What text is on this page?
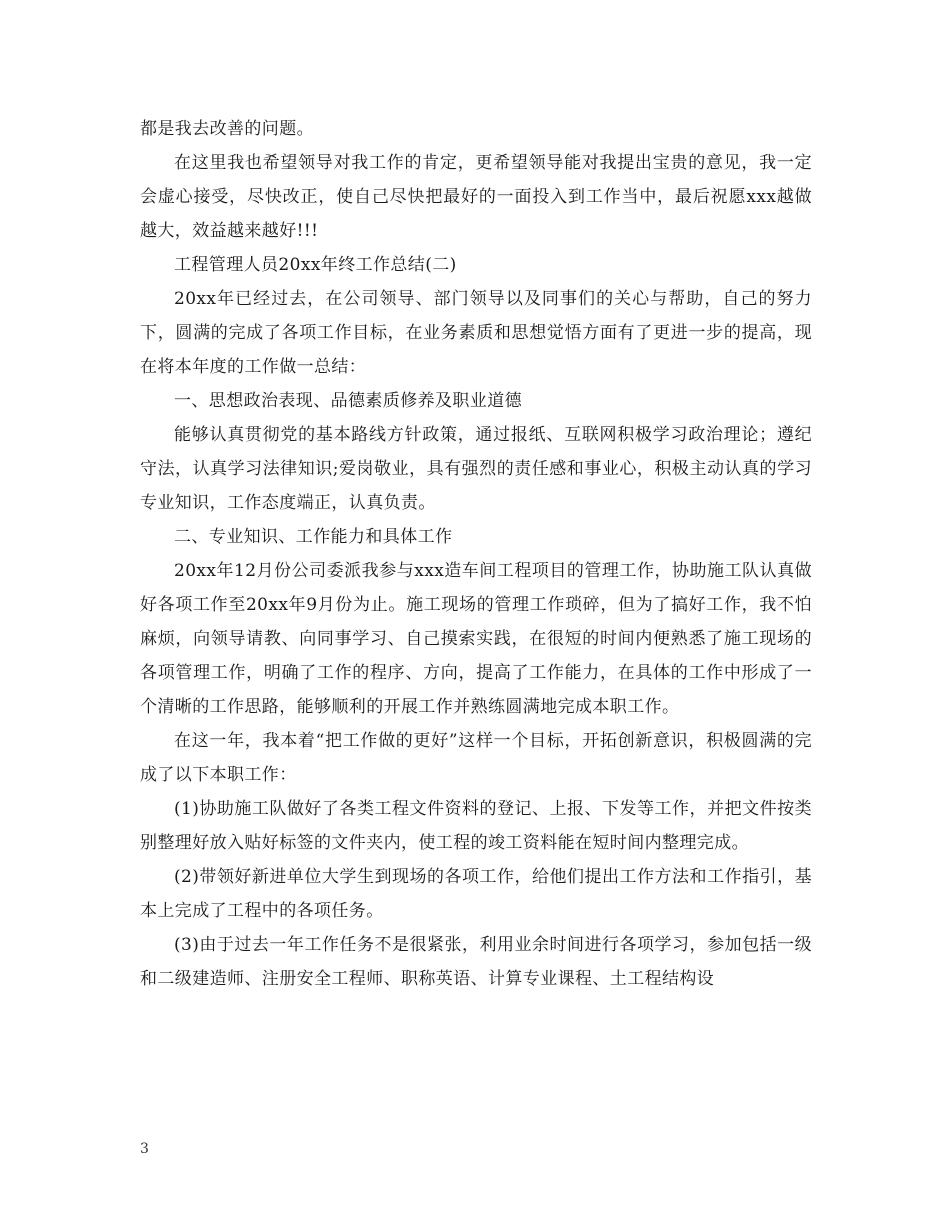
都是我去改善的问题。

在这里我也希望领导对我工作的肯定，更希望领导能对我提出宝贵的意见，我一定会虚心接受，尽快改正，使自己尽快把最好的一面投入到工作当中，最后祝愿xxx越做越大，效益越来越好!!!

工程管理人员20xx年终工作总结(二)

20xx年已经过去，在公司领导、部门领导以及同事们的关心与帮助，自己的努力下，圆满的完成了各项工作目标，在业务素质和思想觉悟方面有了更进一步的提高，现在将本年度的工作做一总结：

一、思想政治表现、品德素质修养及职业道德

能够认真贯彻党的基本路线方针政策，通过报纸、互联网积极学习政治理论；遵纪守法，认真学习法律知识;爱岗敬业，具有强烈的责任感和事业心，积极主动认真的学习专业知识，工作态度端正，认真负责。

二、专业知识、工作能力和具体工作

20xx年12月份公司委派我参与xxx造车间工程项目的管理工作，协助施工队认真做好各项工作至20xx年9月份为止。施工现场的管理工作琐碎，但为了搞好工作，我不怕麻烦，向领导请教、向同事学习、自己摸索实践，在很短的时间内便熟悉了施工现场的各项管理工作，明确了工作的程序、方向，提高了工作能力，在具体的工作中形成了一个清晰的工作思路，能够顺利的开展工作并熟练圆满地完成本职工作。

在这一年，我本着“把工作做的更好”这样一个目标，开拓创新意识，积极圆满的完成了以下本职工作：

(1)协助施工队做好了各类工程文件资料的登记、上报、下发等工作，并把文件按类别整理好放入贴好标签的文件夹内，使工程的竣工资料能在短时间内整理完成。

(2)带领好新进单位大学生到现场的各项工作，给他们提出工作方法和工作指引，基本上完成了工程中的各项任务。

(3)由于过去一年工作任务不是很紧张，利用业余时间进行各项学习，参加包括一级和二级建造师、注册安全工程师、职称英语、计算专业课程、土工程结构设

3
